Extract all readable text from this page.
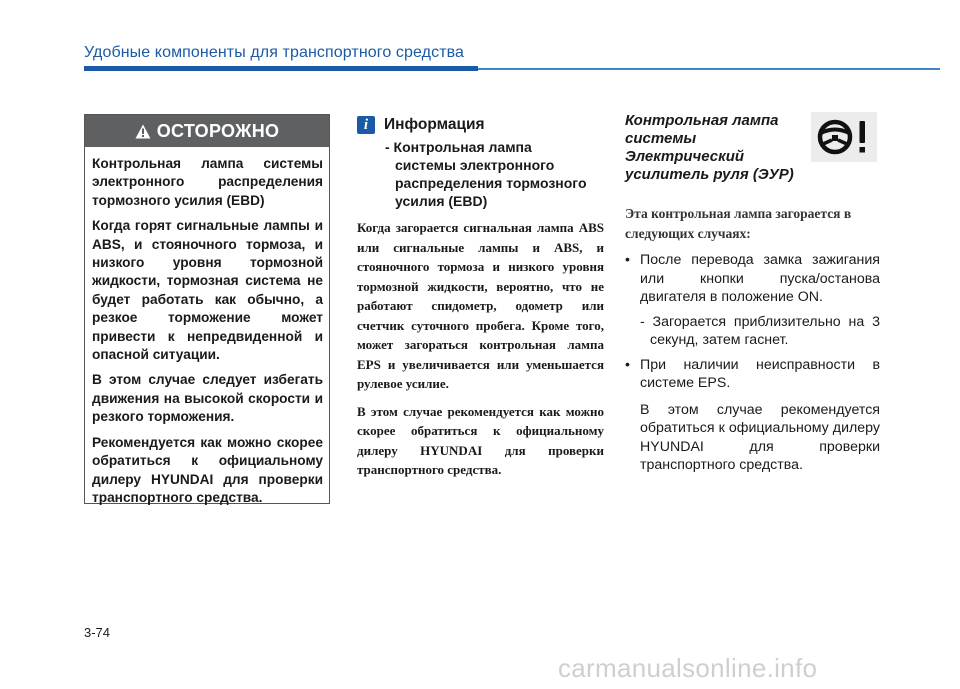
Удобные компоненты для транспортного средства
ОСТОРОЖНО

Контрольная лампа системы электронного распределения тормозного усилия (EBD)

Когда горят сигнальные лампы и ABS, и стояночного тормоза, и низкого уровня тормозной жидкости, тормозная система не будет работать как обычно, а резкое торможение может привести к непредвиденной и опасной ситуации.

В этом случае следует избегать движения на высокой скорости и резкого торможения.

Рекомендуется как можно скорее обратиться к официальному дилеру HYUNDAI для проверки транспортного средства.

i	Информация
- Контрольная лампа
системы электронного
распределения тормозного
усилия (EBD)

Когда загорается сигнальная лампа ABS или сигнальные лампы и ABS, и стояночного тормоза и низкого уровня тормозной жидкости, вероятно, что не работают спидометр, одометр или счетчик суточного пробега. Кроме того, может загораться контрольная лампа EPS и увеличивается или уменьшается рулевое усилие.

В этом случае рекомендуется как можно скорее обратиться к официальному дилеру HYUNDAI для проверки транспортного средства.

Контрольная лампа системы Электрический усилитель руля (ЭУР)
Эта контрольная лампа загорается в следующих случаях:
• После перевода замка зажигания или кнопки пуска/останова двигателя в положение ON.
- Загорается приблизительно на 3 секунд, затем гаснет.
• При наличии неисправности в системе EPS.
В этом случае рекомендуется обратиться к официальному дилеру HYUNDAI для проверки транспортного средства.
3-74
carmanualsonline.info
